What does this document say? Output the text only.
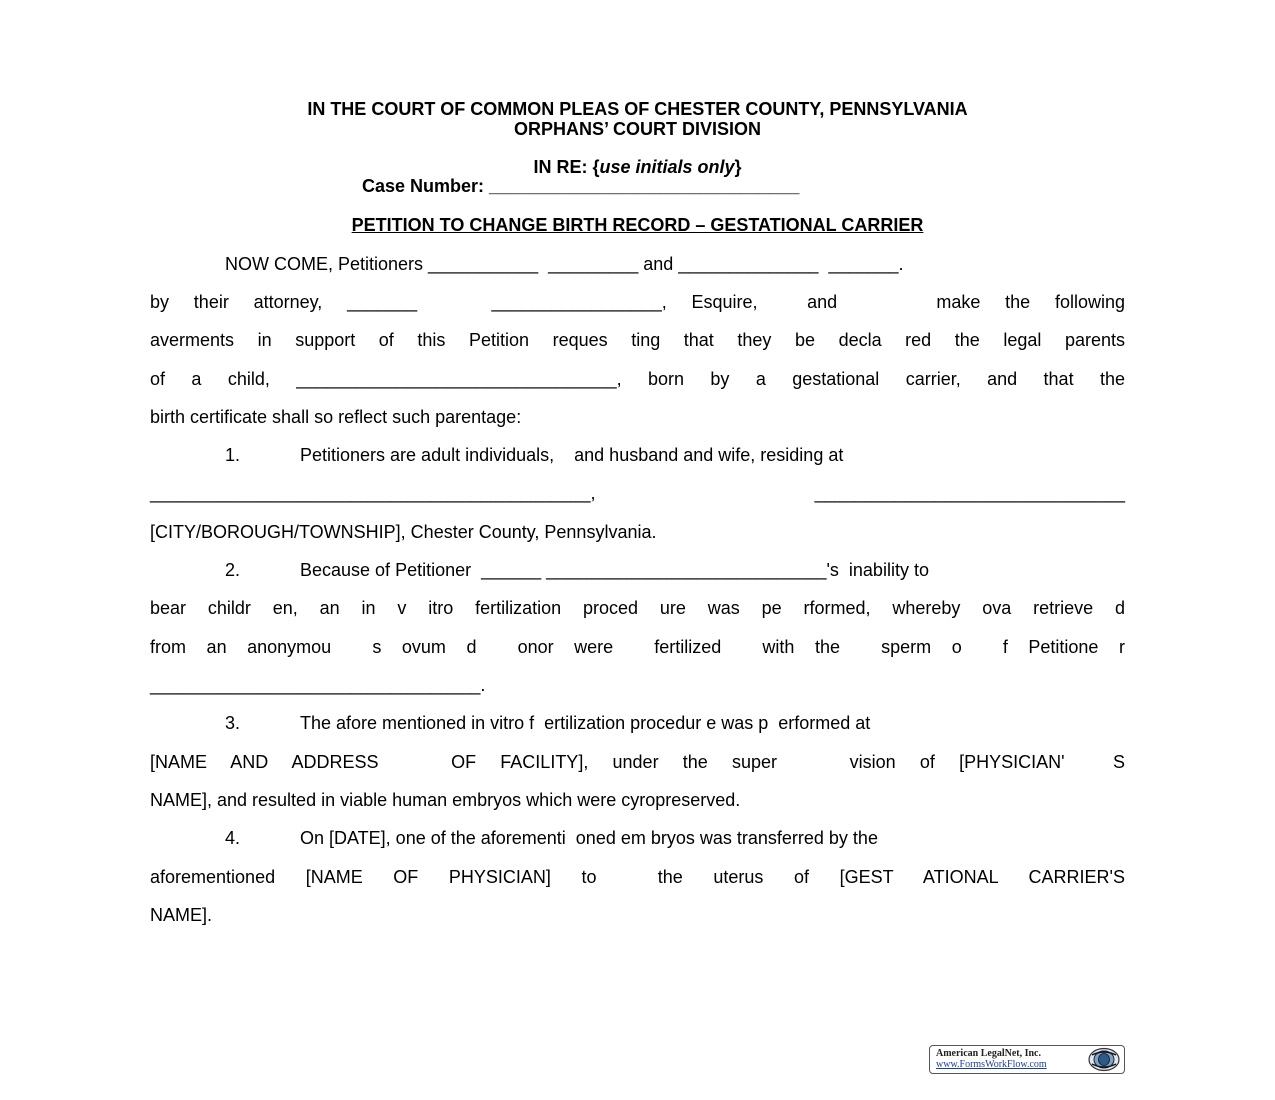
IN THE COURT OF COMMON PLEAS OF CHESTER COUNTY, PENNSYLVANIA
ORPHANS’ COURT DIVISION
IN RE: {use initials only}
Case Number: _______________________________
PETITION TO CHANGE BIRTH RECORD – GESTATIONAL CARRIER
NOW COME, Petitioners ___________  _________ and ______________  _______.
by their attorney, _______   _________________, Esquire,  and    make the following
averments in support of this Petition reques ting that they be decla red the legal parents
of a child, ________________________________, born by a gestational carrier, and that the
birth certificate shall so reflect such parentage:
1.	Petitioners are adult individuals,    and husband and wife, residing at
____________________________________________,   _______________________________
[CITY/BOROUGH/TOWNSHIP], Chester County, Pennsylvania.
2.	Because of Petitioner  ______ ____________________________'s  inability to
bear childr en, an in v itro fertilization proced ure was pe rformed, whereby ova retrieve d
from an anonymou  s ovum d  onor were  fertilized  with the  sperm o  f Petitione r
_________________________________.
3.	The afore mentioned in vitro f  ertilization procedur e was p  erformed at
[NAME AND ADDRESS   OF FACILITY], under the super   vision of [PHYSICIAN'  S
NAME], and resulted in viable human embryos which were cyropreserved.
4.	On [DATE], one of the aforementi  oned em bryos was transferred by the
aforementioned [NAME OF PHYSICIAN] to  the uterus of [GEST ATIONAL CARRIER'S
NAME].
American LegalNet, Inc.
www.FormsWorkFlow.com
